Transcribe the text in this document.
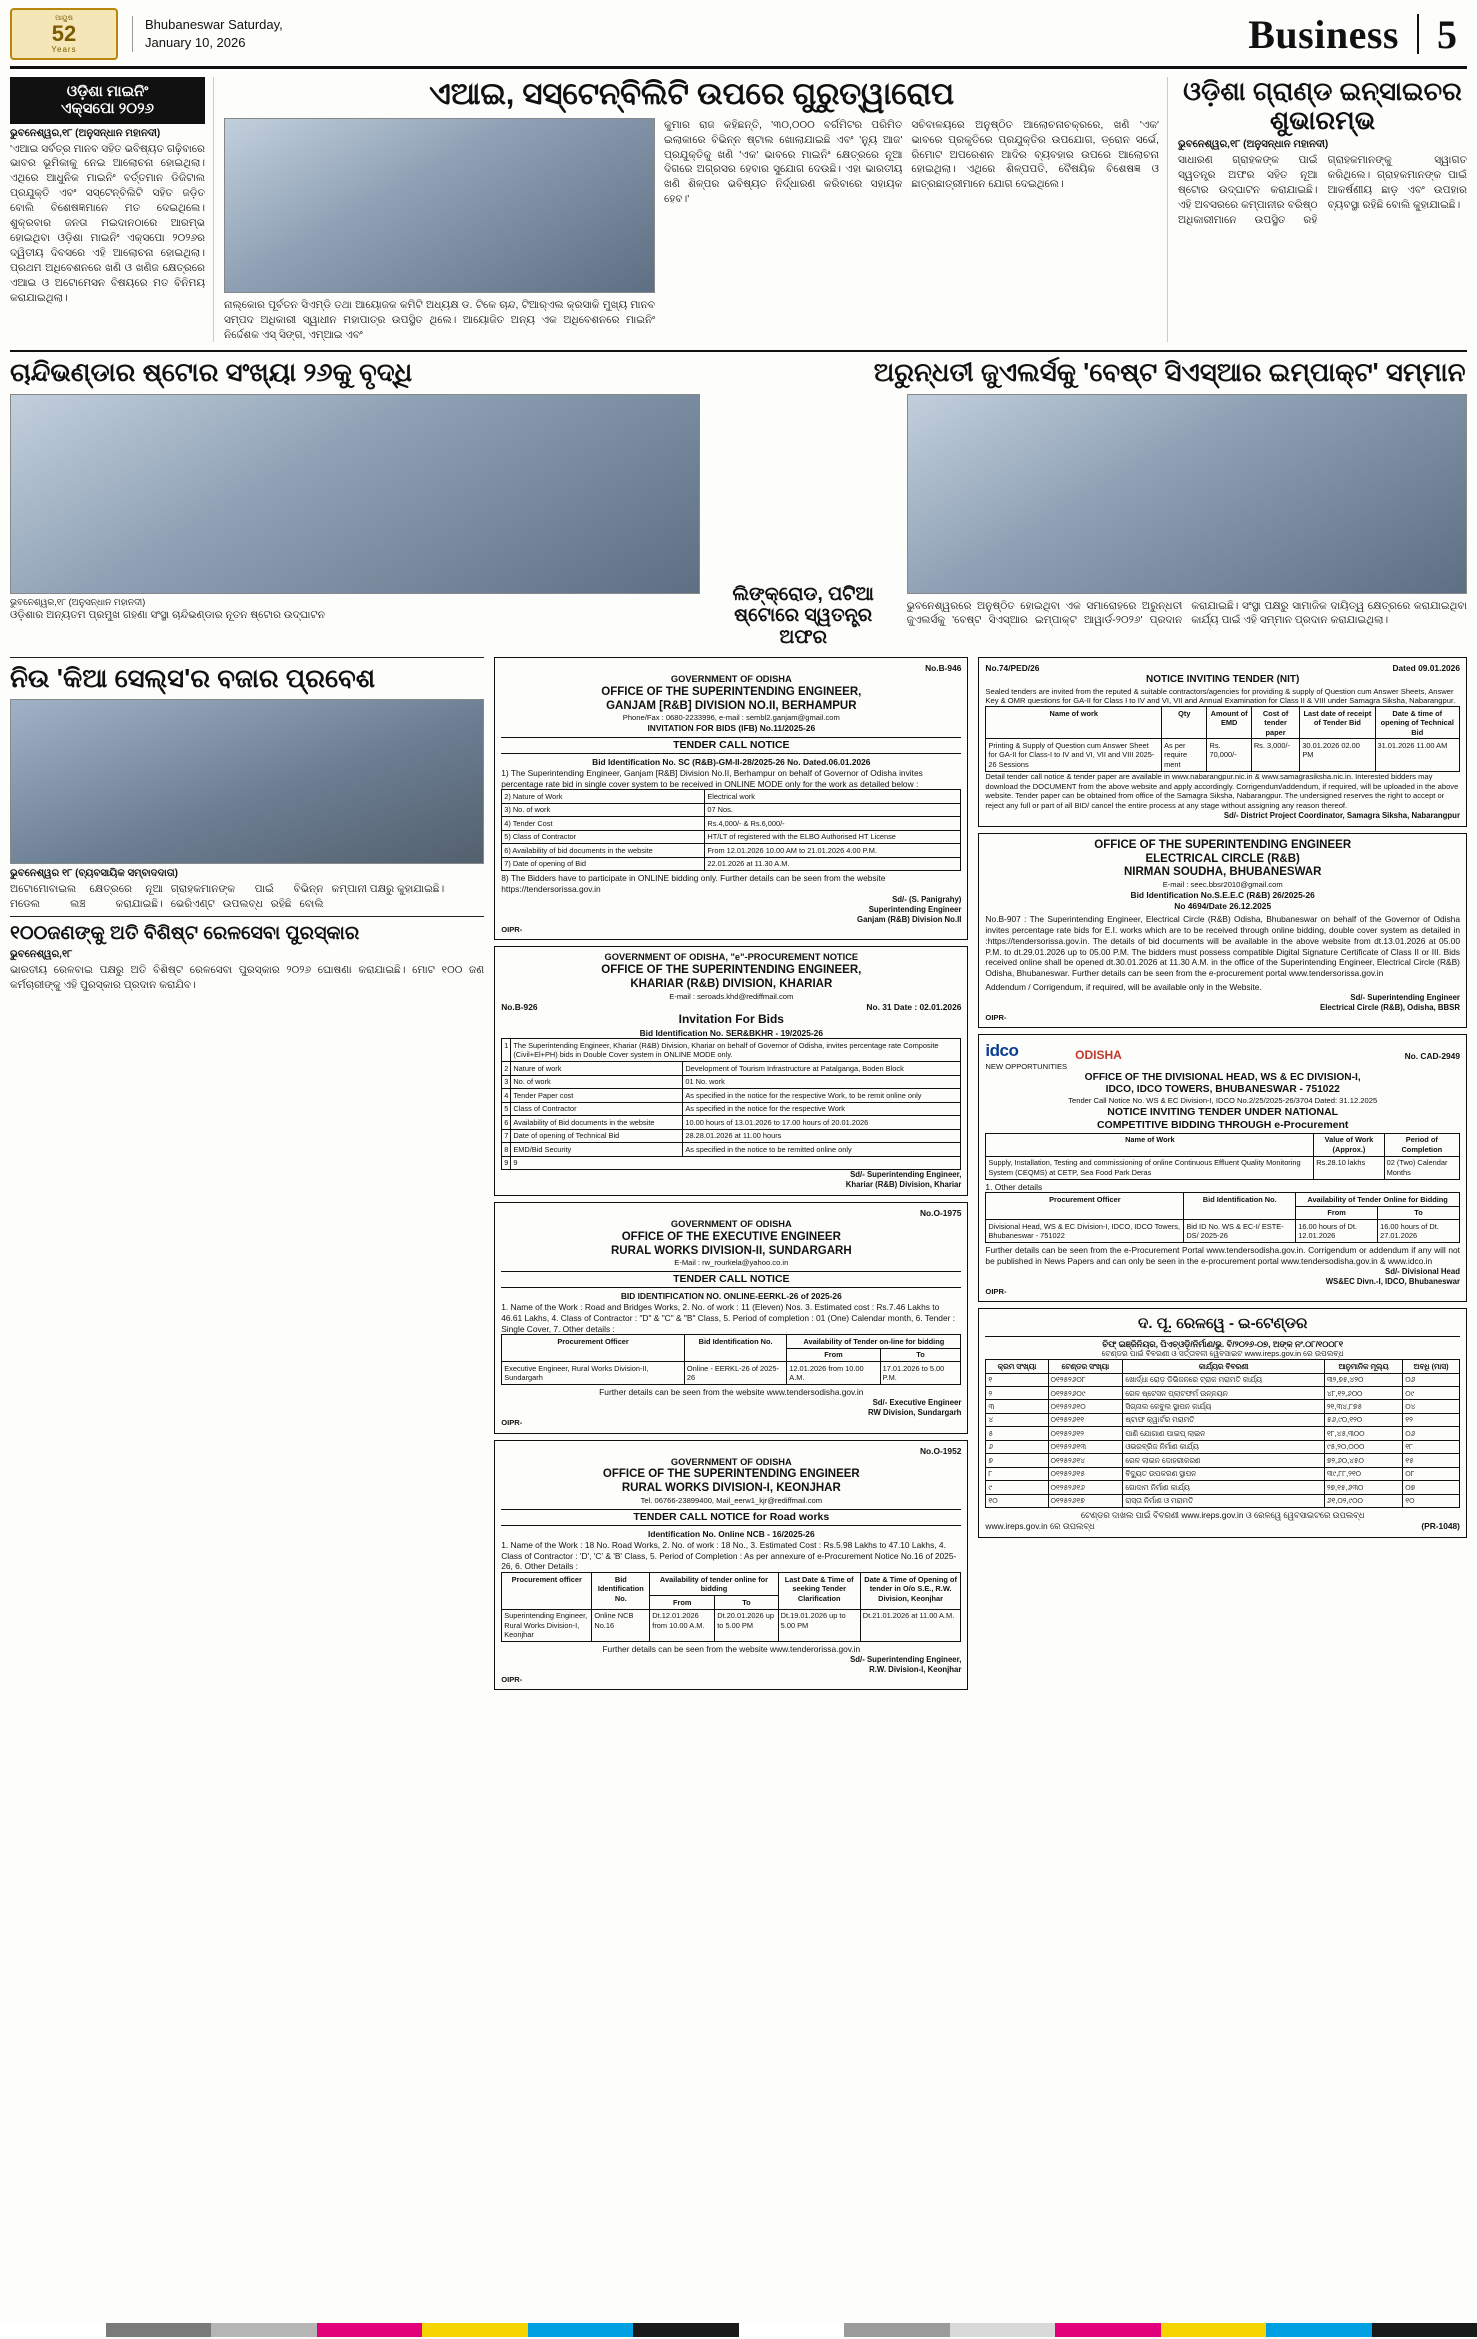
ଆୟୁଷ
52
Years
Bhubaneswar Saturday,
January 10, 2026	Business 5
ଓଡ଼ିଶା ମାଇନିଂ
ଏକ୍ସପୋ ୨୦୨୬
ଭୁବନେଶ୍ୱର,୧୮ (ଅନୁସନ୍ଧାନ ମହାନଦୀ)
'ଏଆଇ ସର୍ବତ୍ର ମାନବ ସହିତ ଭବିଷ୍ୟତ ଗଢ଼ିବାରେ ଭାବର ଭୂମିକାକୁ ନେଇ ଆଲୋଚନା ହୋଇଥିଲା। ଏଥିରେ ଆଧୁନିକ ମାଇନିଂ ବର୍ତ୍ତମାନ ଡିଜିଟାଲ ପ୍ରଯୁକ୍ତି ଏବଂ ସସ୍ଟେନ୍‌ବିଲିଟି ସହିତ ଜଡ଼ିତ ବୋଲି ବିଶେଷଜ୍ଞମାନେ ମତ ଦେଇଥିଲେ। ଶୁକ୍ରବାର ଜନତା ମଇଦାନଠାରେ ଆରମ୍ଭ ହୋଇଥିବା ଓଡ଼ିଶା ମାଇନିଂ ଏକ୍ସପୋ ୨୦୨୬ର ଦ୍ୱିତୀୟ ଦିବସରେ ଏହି ଆଲୋଚନା ହୋଇଥିଲା। ପ୍ରଥମ ଅଧିବେଶନରେ ଖଣି ଓ ଖଣିଜ କ୍ଷେତ୍ରରେ ଏଆଇ ଓ ଅଟୋମେସନ ବିଷୟରେ ମତ ବିନିମୟ କରାଯାଇଥିଲା।
ଏଆଇ, ସସ୍ଟେନ୍‌ବିଲିଟି ଉପରେ ଗୁରୁତ୍ୱାରୋପ
ନାଲ୍‌କୋର ପୂର୍ବତନ ସିଏମ୍‌ଡି ତଥା ଆୟୋଜକ କମିଟି ଅଧ୍ୟକ୍ଷ ଡ. ଟିକେ ଚାନ୍ଦ, ଟିଆର୍‌ଏଲ କ୍ରସାକି ମୁଖ୍ୟ ମାନବ ସମ୍ପଦ ଅଧିକାରୀ ସ୍ୱାଧୀନ ମହାପାତ୍ର ଉପସ୍ଥିତ ଥିଲେ। ଆୟୋଜିତ ଅନ୍ୟ ଏକ ଅଧିବେଶନରେ ମାଇନିଂ ନିର୍ଦ୍ଦେଶକ ଏସ୍ ସିଙ୍ଗ, ଏମ୍‌ଆଇ ଏବଂ
କୁମାର ରାଜ କହିଛନ୍ତି, '୩୦,୦୦୦ ବର୍ଗମିଟର ପରିମିତ ଇଲାକାରେ ବିଭିନ୍ନ ଷ୍ଟାଲ ଖୋଲାଯାଇଛି ଏବଂ 'ନ୍ୟୁ ଆଜ' ପ୍ରଯୁକ୍ତିକୁ ଖଣି 'ଏକ' ଭାବରେ ମାଇନିଂ କ୍ଷେତ୍ରରେ ନୂଆ ଦିଗରେ ଅଗ୍ରସର ହେବାର ସୁଯୋଗ ଦେଉଛି। ଏହା ଭାରତୀୟ ଖଣି ଶିଳ୍ପର ଭବିଷ୍ୟତ ନିର୍ଦ୍ଧାରଣ କରିବାରେ ସହାୟକ ହେବ।'
ସଚିବାଳୟରେ ଅନୁଷ୍ଠିତ ଆଲୋଚନାଚକ୍ରରେ, ଖଣି 'ଏକ' ଭାବରେ ପ୍ରକୃତିରେ ପ୍ରଯୁକ୍ତିର ଉପଯୋଗ, ଡ୍ରୋନ ସର୍ଭେ, ରିମୋଟ ଅପରେଶନ ଆଦିର ବ୍ୟବହାର ଉପରେ ଆଲୋଚନା ହୋଇଥିଲା। ଏଥିରେ ଶିଳ୍ପପତି, ବୈଷୟିକ ବିଶେଷଜ୍ଞ ଓ ଛାତ୍ରଛାତ୍ରୀମାନେ ଯୋଗ ଦେଇଥିଲେ।
ଓଡ଼ିଶା ଗ୍ରାଣ୍ଡ ଇନ୍‌ସାଇଚର ଶୁଭାରମ୍ଭ
ଭୁବନେଶ୍ୱର,୧୮ (ଅନୁସନ୍ଧାନ ମହାନଦୀ)
ସାଧାରଣ ଗ୍ରାହକଙ୍କ ପାଇଁ ସ୍ୱତନ୍ତ୍ର ଅଫର ସହିତ ନୂଆ ଷ୍ଟୋର ଉଦ୍‌ଘାଟନ କରାଯାଇଛି। ଏହି ଅବସରରେ କମ୍ପାନୀର ବରିଷ୍ଠ ଅଧିକାରୀମାନେ ଉପସ୍ଥିତ ରହି ଗ୍ରାହକମାନଙ୍କୁ ସ୍ୱାଗତ କରିଥିଲେ। ଗ୍ରାହକମାନଙ୍କ ପାଇଁ ଆକର୍ଷଣୀୟ ଛାଡ଼ ଏବଂ ଉପହାର ବ୍ୟବସ୍ଥା ରହିଛି ବୋଲି କୁହାଯାଇଛି।
ଚାନ୍ଦିଭଣ୍ଡାର ଷ୍ଟୋର ସଂଖ୍ୟା ୨୬କୁ ବୃଦ୍ଧି	ଅରୁନ୍ଧତୀ ଜୁଏଲର୍ସକୁ 'ବେଷ୍ଟ ସିଏସ୍‌ଆର ଇମ୍ପାକ୍ଟ' ସମ୍ମାନ
ଭୁବନେଶ୍ୱର,୧୮ (ଅନୁସନ୍ଧାନ ମହାନଦୀ)
ଓଡ଼ିଶାର ଅନ୍ୟତମ ପ୍ରମୁଖ ଗହଣା ସଂସ୍ଥା ଚାନ୍ଦିଭଣ୍ଡାର ନୂତନ ଷ୍ଟୋର ଉଦ୍‌ଘାଟନ
ଲିଙ୍କ୍‌ରୋଡ, ପଟିଆ ଷ୍ଟୋରେ ସ୍ୱତନ୍ତ୍ର ଅଫର
ଭୁବନେଶ୍ୱରରେ ଅନୁଷ୍ଠିତ ହୋଇଥିବା ଏକ ସମାରୋହରେ ଅରୁନ୍ଧତୀ ଜୁଏଲର୍ସକୁ 'ବେଷ୍ଟ ସିଏସ୍‌ଆର ଇମ୍ପାକ୍ଟ ଆୱାର୍ଡ-୨୦୨୬' ପ୍ରଦାନ କରାଯାଇଛି। ସଂସ୍ଥା ପକ୍ଷରୁ ସାମାଜିକ ଦାୟିତ୍ୱ କ୍ଷେତ୍ରରେ କରାଯାଇଥିବା କାର୍ଯ୍ୟ ପାଇଁ ଏହି ସମ୍ମାନ ପ୍ରଦାନ କରାଯାଇଥିଲା।
ନିଉ 'କିଆ ସେଲ୍‌ସ'ର ବଜାର ପ୍ରବେଶ
ଭୁବନେଶ୍ୱର ୧୮ (ବ୍ୟବସାୟିକ ସମ୍ବାଦଦାତା)
ଅଟୋମୋବାଇଲ କ୍ଷେତ୍ରରେ ନୂଆ ମଡେଲ ଲଞ୍ଚ କରାଯାଇଛି। ଗ୍ରାହକମାନଙ୍କ ପାଇଁ ବିଭିନ୍ନ ଭେରିଏଣ୍ଟ ଉପଲବ୍ଧ ରହିଛି ବୋଲି କମ୍ପାନୀ ପକ୍ଷରୁ କୁହାଯାଇଛି।
୧୦୦ଜଣଙ୍କୁ ଅତି ବିଶିଷ୍ଟ ରେଳସେବା ପୁରସ୍କାର
ଭୁବନେଶ୍ୱର,୧୮
ଭାରତୀୟ ରେଳବାଇ ପକ୍ଷରୁ ଅତି ବିଶିଷ୍ଟ ରେଳସେବା ପୁରସ୍କାର ୨୦୨୬ ଘୋଷଣା କରାଯାଇଛି। ମୋଟ ୧୦୦ ଜଣ କର୍ମଚାରୀଙ୍କୁ ଏହି ପୁରସ୍କାର ପ୍ରଦାନ କରାଯିବ।
No.B-946
GOVERNMENT OF ODISHA
OFFICE OF THE SUPERINTENDING ENGINEER,
GANJAM [R&B] DIVISION NO.II, BERHAMPUR
Phone/Fax : 0680-2233996, e-mail : sembl2.ganjam@gmail.com
INVITATION FOR BIDS (IFB) No.11/2025-26
TENDER CALL NOTICE
Bid Identification No. SC (R&B)-GM-II-28/2025-26 No. Dated.06.01.2026
1) The Superintending Engineer, Ganjam [R&B] Division No.II, Berhampur on behalf of Governor of Odisha invites percentage rate bid in single cover system to be received in ONLINE MODE only for the work as detailed below :
2) Nature of Work	Electrical work
3) No. of work	07 Nos.
4) Tender Cost	Rs.4,000/- & Rs.6,000/-
5) Class of Contractor	HT/LT of registered with the ELBO Authorised HT License
6) Availability of bid documents in the website	From 12.01.2026 10.00 AM to 21.01.2026 4.00 P.M.
7) Date of opening of Bid	22.01.2026 at 11.30 A.M.
8) The Bidders have to participate in ONLINE bidding only. Further details can be seen from the website https://tendersorissa.gov.in
Sd/- (S. Panigrahy)
Superintending Engineer
Ganjam (R&B) Division No.II
OIPR-
GOVERNMENT OF ODISHA, "e"-PROCUREMENT NOTICE
OFFICE OF THE SUPERINTENDING ENGINEER,
KHARIAR (R&B) DIVISION, KHARIAR
E-mail : seroads.khd@rediffmail.com
No.B-926	No. 31 Date : 02.01.2026
Invitation For Bids
Bid Identification No. SER&BKHR - 19/2025-26
1	The Superintending Engineer, Khariar (R&B) Division, Khariar on behalf of Governor of Odisha, invites percentage rate Composite (Civil+El+PH) bids in Double Cover system in ONLINE MODE only.	
2	Nature of work	Development of Tourism Infrastructure at Patalganga, Boden Block
3	No. of work	01 No. work
4	Tender Paper cost	As specified in the notice for the respective Work, to be remit online only
5	Class of Contractor	As specified in the notice for the respective Work
6	Availability of Bid documents in the website	10.00 hours of 13.01.2026 to 17.00 hours of 20.01.2026
7	Date of opening of Technical Bid	28.28.01.2026 at 11.00 hours
8	EMD/Bid Security	As specified in the notice to be remitted online only
9	9	
Sd/- Superintending Engineer,
Khariar (R&B) Division, Khariar
No.O-1975
GOVERNMENT OF ODISHA
OFFICE OF THE EXECUTIVE ENGINEER
RURAL WORKS DIVISION-II, SUNDARGARH
E-Mail : rw_rourkela@yahoo.co.in
TENDER CALL NOTICE
BID IDENTIFICATION NO. ONLINE-EERKL-26 of 2025-26
1. Name of the Work : Road and Bridges Works, 2. No. of work : 11 (Eleven) Nos. 3. Estimated cost : Rs.7.46 Lakhs to 46.61 Lakhs, 4. Class of Contractor : "D" & "C" & "B" Class, 5. Period of completion : 01 (One) Calendar month, 6. Tender : Single Cover, 7. Other details :
Procurement Officer	Bid Identification No.	Availability of Tender on-line for bidding	
		From	To
Executive Engineer, Rural Works Division-II, Sundargarh	Online - EERKL-26 of 2025-26	12.01.2026 from 10.00 A.M.	17.01.2026 to 5.00 P.M.
Further details can be seen from the website www.tendersodisha.gov.in
Sd/- Executive Engineer
RW Division, Sundargarh
OIPR-
No.O-1952
GOVERNMENT OF ODISHA
OFFICE OF THE SUPERINTENDING ENGINEER
RURAL WORKS DIVISION-I, KEONJHAR
Tel. 06766-23899400, Mail_eerw1_kjr@rediffmail.com
TENDER CALL NOTICE for Road works
Identification No. Online NCB - 16/2025-26
1. Name of the Work : 18 No. Road Works, 2. No. of work : 18 No., 3. Estimated Cost : Rs.5.98 Lakhs to 47.10 Lakhs, 4. Class of Contractor : 'D', 'C' & 'B' Class, 5. Period of Completion : As per annexure of e-Procurement Notice No.16 of 2025-26, 6. Other Details :
Procurement officer	Bid Identification No.	Availability of tender online for bidding		Last Date & Time of seeking Tender Clarification	Date & Time of Opening of tender in O/o S.E., R.W. Division, Keonjhar
		From	To		
Superintending Engineer, Rural Works Division-I, Keonjhar	Online NCB No.16	Dt.12.01.2026 from 10.00 A.M.	Dt.20.01.2026 up to 5.00 PM	Dt.19.01.2026 up to 5.00 PM	Dt.21.01.2026 at 11.00 A.M.
Further details can be seen from the website www.tenderorissa.gov.in
Sd/- Superintending Engineer,
R.W. Division-I, Keonjhar
OIPR-
No.74/PED/26	Dated 09.01.2026
NOTICE INVITING TENDER (NIT)
Sealed tenders are invited from the reputed & suitable contractors/agencies for providing & supply of Question cum Answer Sheets, Answer Key & OMR questions for GA-II for Class I to IV and VI, VII and Annual Examination for Class II & VIII under Samagra Siksha, Nabarangpur.
Name of work	Qty	Amount of EMD	Cost of tender paper	Last date of receipt of Tender Bid	Date & time of opening of Technical Bid
Printing & Supply of Question cum Answer Sheet for GA-II for Class-I to IV and VI, VII and VIII 2025-26 Sessions	As per require ment	Rs. 70,000/-	Rs. 3,000/-	30.01.2026 02.00 PM	31.01.2026 11.00 AM
Detail tender call notice & tender paper are available in www.nabarangpur.nic.in & www.samagrasiksha.nic.in. Interested bidders may download the DOCUMENT from the above website and apply accordingly. Corrigendum/addendum, if required, will be uploaded in the above website. Tender paper can be obtained from office of the Samagra Siksha, Nabarangpur. The undersigned reserves the right to accept or reject any full or part of all BID/ cancel the entire process at any stage without assigning any reason thereof.
Sd/- District Project Coordinator, Samagra Siksha, Nabarangpur
OFFICE OF THE SUPERINTENDING ENGINEER
ELECTRICAL CIRCLE (R&B)
NIRMAN SOUDHA, BHUBANESWAR
E-mail : seec.bbsr2010@gmail.com
Bid Identification No.S.E.E.C (R&B) 26/2025-26
No 4694/Date 26.12.2025
No.B-907 : The Superintending Engineer, Electrical Circle (R&B) Odisha, Bhubaneswar on behalf of the Governor of Odisha invites percentage rate bids for E.I. works which are to be received through online bidding, double cover system as detailed in :https://tendersorissa.gov.in. The details of bid documents will be available in the above website from dt.13.01.2026 at 05.00 P.M. to dt.29.01.2026 up to 05.00 P.M. The bidders must possess compatible Digital Signature Certificate of Class II or III. Bids received online shall be opened dt.30.01.2026 at 11.30 A.M. in the office of the Superintending Engineer, Electrical Circle (R&B) Odisha, Bhubaneswar. Further details can be seen from the e-procurement portal www.tendersorissa.gov.in
Addendum / Corrigendum, if required, will be available only in the Website.
Sd/- Superintending Engineer
Electrical Circle (R&B), Odisha, BBSR
OIPR-
idco
NEW OPPORTUNITIES
ODISHA	No. CAD-2949
OFFICE OF THE DIVISIONAL HEAD, WS & EC DIVISION-I,
IDCO, IDCO TOWERS, BHUBANESWAR - 751022
Tender Call Notice No. WS & EC Division-I, IDCO No.2/25/2025-26/3704 Dated: 31.12.2025
NOTICE INVITING TENDER UNDER NATIONAL
COMPETITIVE BIDDING THROUGH e-Procurement
Name of Work	Value of Work (Approx.)	Period of Completion
Supply, Installation, Testing and commissioning of online Continuous Effluent Quality Monitoring System (CEQMS) at CETP, Sea Food Park Deras	Rs.28.10 lakhs	02 (Two) Calendar Months
1. Other details
Procurement Officer	Bid Identification No.	Availability of Tender Online for Bidding	
		From	To
Divisional Head, WS & EC Division-I, IDCO, IDCO Towers, Bhubaneswar - 751022	Bid ID No. WS & EC-I/ ESTE-DS/ 2025-26	16.00 hours of Dt. 12.01.2026	16.00 hours of Dt. 27.01.2026
Further details can be seen from the e-Procurement Portal www.tendersodisha.gov.in. Corrigendum or addendum if any will not be published in News Papers and can only be seen in the e-procurement portal www.tendersodisha.gov.in & www.idco.in
Sd/- Divisional Head
WS&EC Divn.-I, IDCO, Bhubaneswar
OIPR-
ଦ. ପୂ. ରେଳୱେ - ଇ-ଟେଣ୍ଡର
ଚିଫ୍ ଇଞ୍ଜିନିୟର, ପିଏଚ୍‌ଓଡ଼ି/ନିର୍ମାଣ/ଭୁ. ବି/୨୦୨୬-୦୭, ଅଙ୍କ ନଂ.୦୮/୧୦୦୮୧
ଟେଣ୍ଡର ପାଇଁ ବିବରଣୀ ଓ ସର୍ତ୍ତାବଳୀ ୱେବସାଇଟ www.ireps.gov.in ରେ ଉପଲବ୍ଧ
କ୍ରମ ସଂଖ୍ୟା	ଟେଣ୍ଡର ସଂଖ୍ୟା	କାର୍ଯ୍ୟର ବିବରଣୀ	ଆନୁମାନିକ ମୂଲ୍ୟ	ଅବଧି (ମାସ)
୧	୦୧୨୫୨୬୦୮	ଖୋର୍ଦ୍ଧା ରୋଡ଼ ଡିଭିଜନରେ ଟ୍ରାକ ମରାମତି କାର୍ଯ୍ୟ	୩୨,୭୫,୪୨୦	୦୬
୨	୦୧୨୫୨୬୦୯	ରେଳ ଷ୍ଟେସନ ପ୍ଲାଟଫର୍ମ ଉନ୍ନୟନ	୪୮,୧୨,୬୦୦	୦୯
୩	୦୧୨୫୨୬୧୦	ସିଗ୍ନାଲ କେବୁଲ ସ୍ଥାପନ କାର୍ଯ୍ୟ	୨୧,୩୪,୮୭୫	୦୪
୪	୦୧୨୫୨୬୧୧	ଷ୍ଟାଫ କ୍ୱାର୍ଟର ମରାମତି	୫୬,୯୦,୧୨୦	୧୨
୫	୦୧୨୫୨୬୧୨	ପାଣି ଯୋଗାଣ ପାଇପ୍ ଲାଇନ	୧୮,୪୫,୩୦୦	୦୬
୬	୦୧୨୫୨୬୧୩	ଓଭରବ୍ରିଜ ନିର୍ମାଣ କାର୍ଯ୍ୟ	୯୫,୨୦,୦୦୦	୧୮
୭	୦୧୨୫୨୬୧୪	ରେଳ ଲାଇନ ଦୋହରୀକରଣ	୭୨,୬୦,୪୫୦	୧୫
୮	୦୧୨୫୨୬୧୫	ବିଦ୍ୟୁତ ଉପକରଣ ସ୍ଥାପନ	୩୯,୮୮,୨୧୦	୦୮
୯	୦୧୨୫୨୬୧୬	ଗୋଦାମ ନିର୍ମାଣ କାର୍ଯ୍ୟ	୨୭,୧୫,୬୩୦	୦୭
୧୦	୦୧୨୫୨୬୧୭	ରାସ୍ତା ନିର୍ମାଣ ଓ ମରାମତି	୬୧,୦୨,୯୦୦	୧୦
ଟେଣ୍ଡର ଦାଖଲ ପାଇଁ ବିବରଣୀ www.ireps.gov.in ଓ ରେଳୱେ ୱେବସାଇଟରେ ଉପଲବ୍ଧ
www.ireps.gov.in ରେ ଉପଲବ୍ଧ	(PR-1048)
